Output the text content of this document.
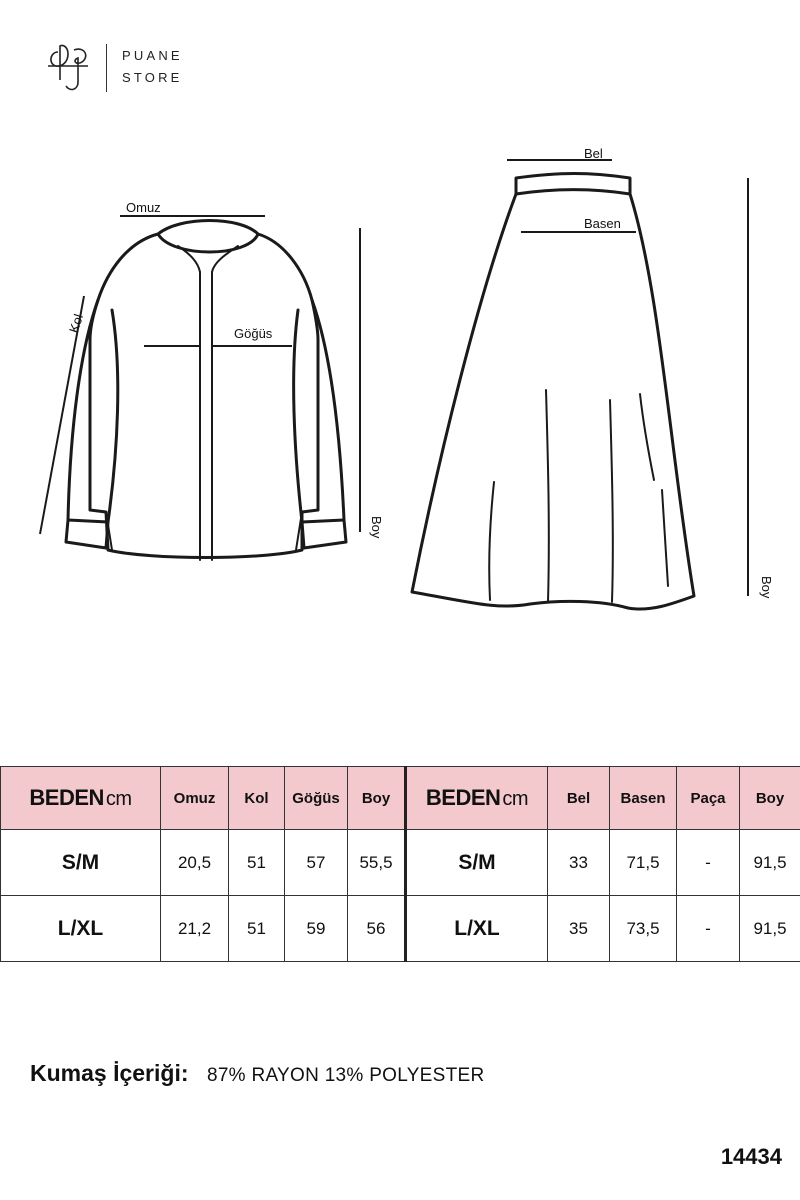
PUANE
STORE
Omuz
Göğüs
Kol
Boy
Bel
Basen
Boy
BEDEN cm	Omuz	Kol	Göğüs	Boy	BEDEN cm	Bel	Basen	Paça	Boy
S/M	20,5	51	57	55,5	S/M	33	71,5	-	91,5
L/XL	21,2	51	59	56	L/XL	35	73,5	-	91,5
Kumaş İçeriği: 87% RAYON 13% POLYESTER
14434
